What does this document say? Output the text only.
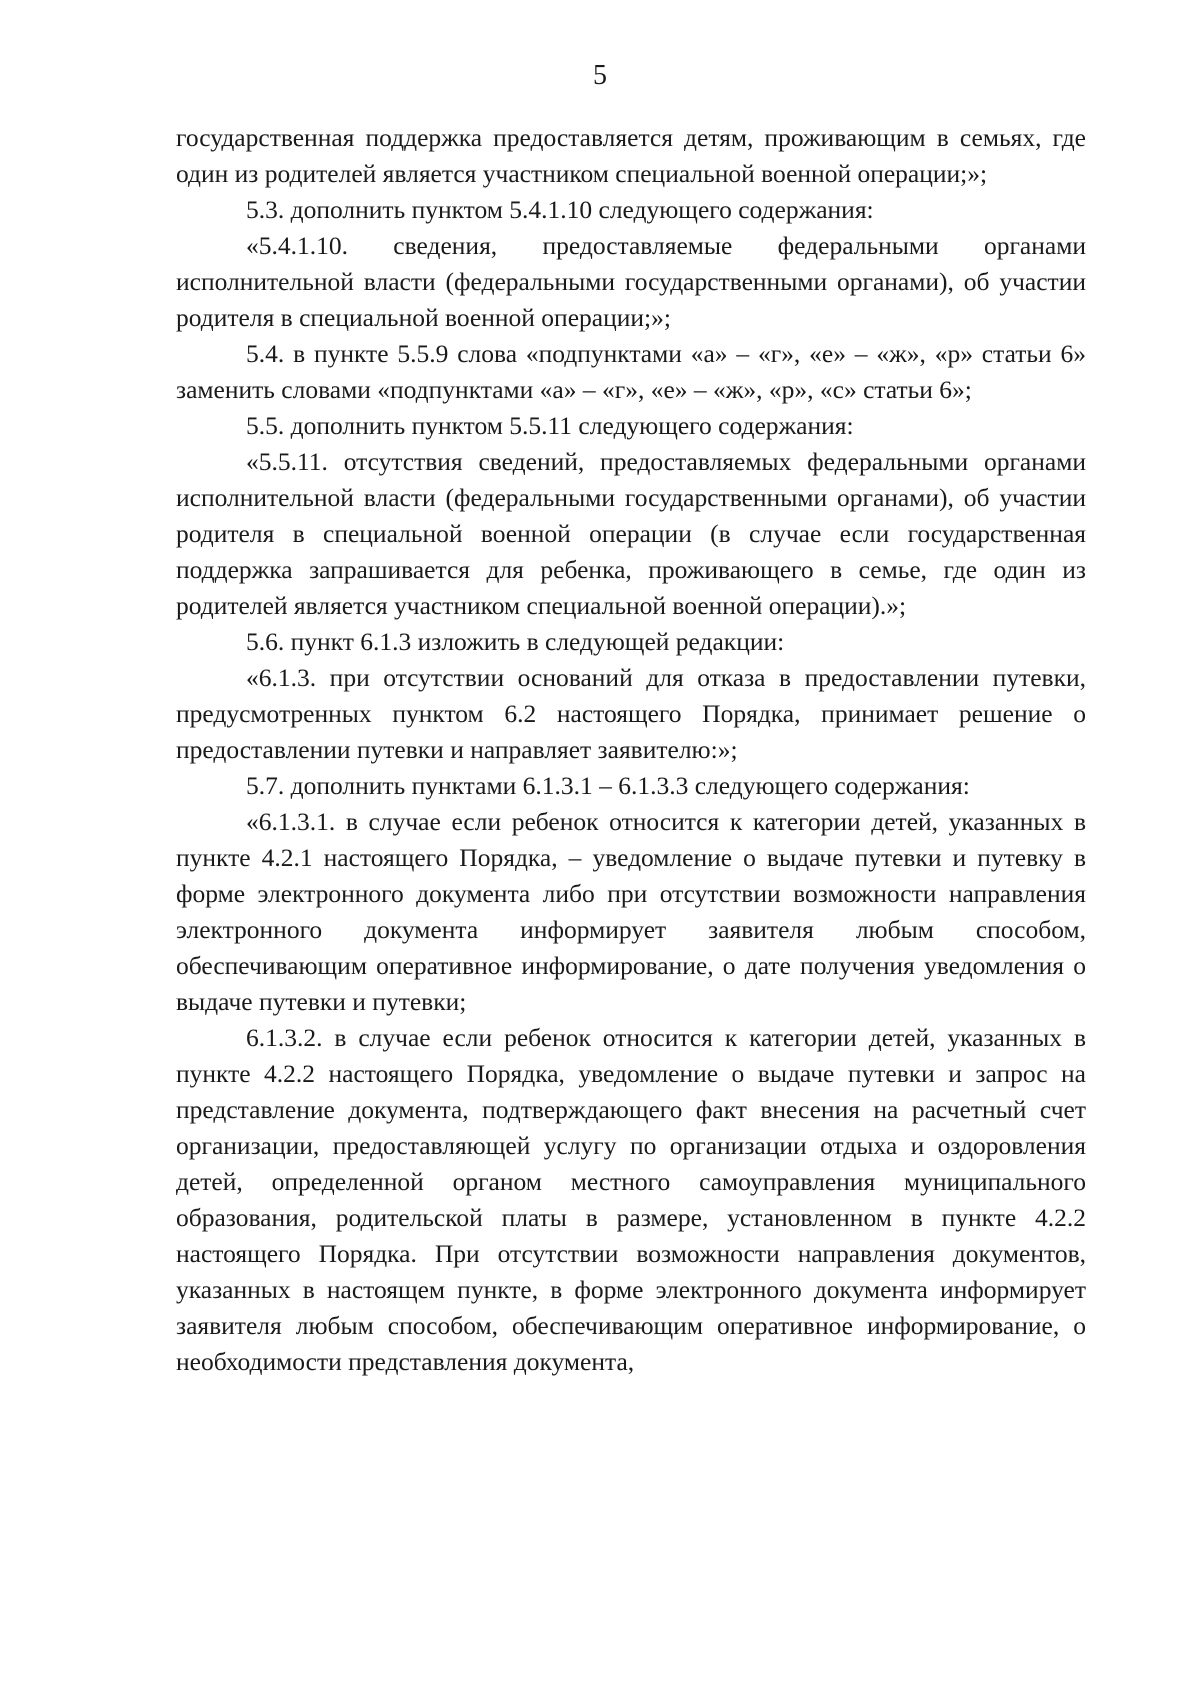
5

государственная поддержка предоставляется детям, проживающим в семьях, где один из родителей является участником специальной военной операции;»;

5.3. дополнить пунктом 5.4.1.10 следующего содержания:

«5.4.1.10. сведения, предоставляемые федеральными органами исполнительной власти (федеральными государственными органами), об участии родителя в специальной военной операции;»;

5.4. в пункте 5.5.9 слова «подпунктами «а» – «г», «е» – «ж», «р» статьи 6» заменить словами «подпунктами «а» – «г», «е» – «ж», «р», «с» статьи 6»;

5.5. дополнить пунктом 5.5.11 следующего содержания:

«5.5.11. отсутствия сведений, предоставляемых федеральными органами исполнительной власти (федеральными государственными органами), об участии родителя в специальной военной операции (в случае если государственная поддержка запрашивается для ребенка, проживающего в семье, где один из родителей является участником специальной военной операции).»;

5.6. пункт 6.1.3 изложить в следующей редакции:

«6.1.3. при отсутствии оснований для отказа в предоставлении путевки, предусмотренных пунктом 6.2 настоящего Порядка, принимает решение о предоставлении путевки и направляет заявителю:»;

5.7. дополнить пунктами 6.1.3.1 – 6.1.3.3 следующего содержания:

«6.1.3.1. в случае если ребенок относится к категории детей, указанных в пункте 4.2.1 настоящего Порядка, – уведомление о выдаче путевки и путевку в форме электронного документа либо при отсутствии возможности направления электронного документа информирует заявителя любым способом, обеспечивающим оперативное информирование, о дате получения уведомления о выдаче путевки и путевки;

6.1.3.2. в случае если ребенок относится к категории детей, указанных в пункте 4.2.2 настоящего Порядка, уведомление о выдаче путевки и запрос на представление документа, подтверждающего факт внесения на расчетный счет организации, предоставляющей услугу по организации отдыха и оздоровления детей, определенной органом местного самоуправления муниципального образования, родительской платы в размере, установленном в пункте 4.2.2 настоящего Порядка. При отсутствии возможности направления документов, указанных в настоящем пункте, в форме электронного документа информирует заявителя любым способом, обеспечивающим оперативное информирование, о необходимости представления документа,
